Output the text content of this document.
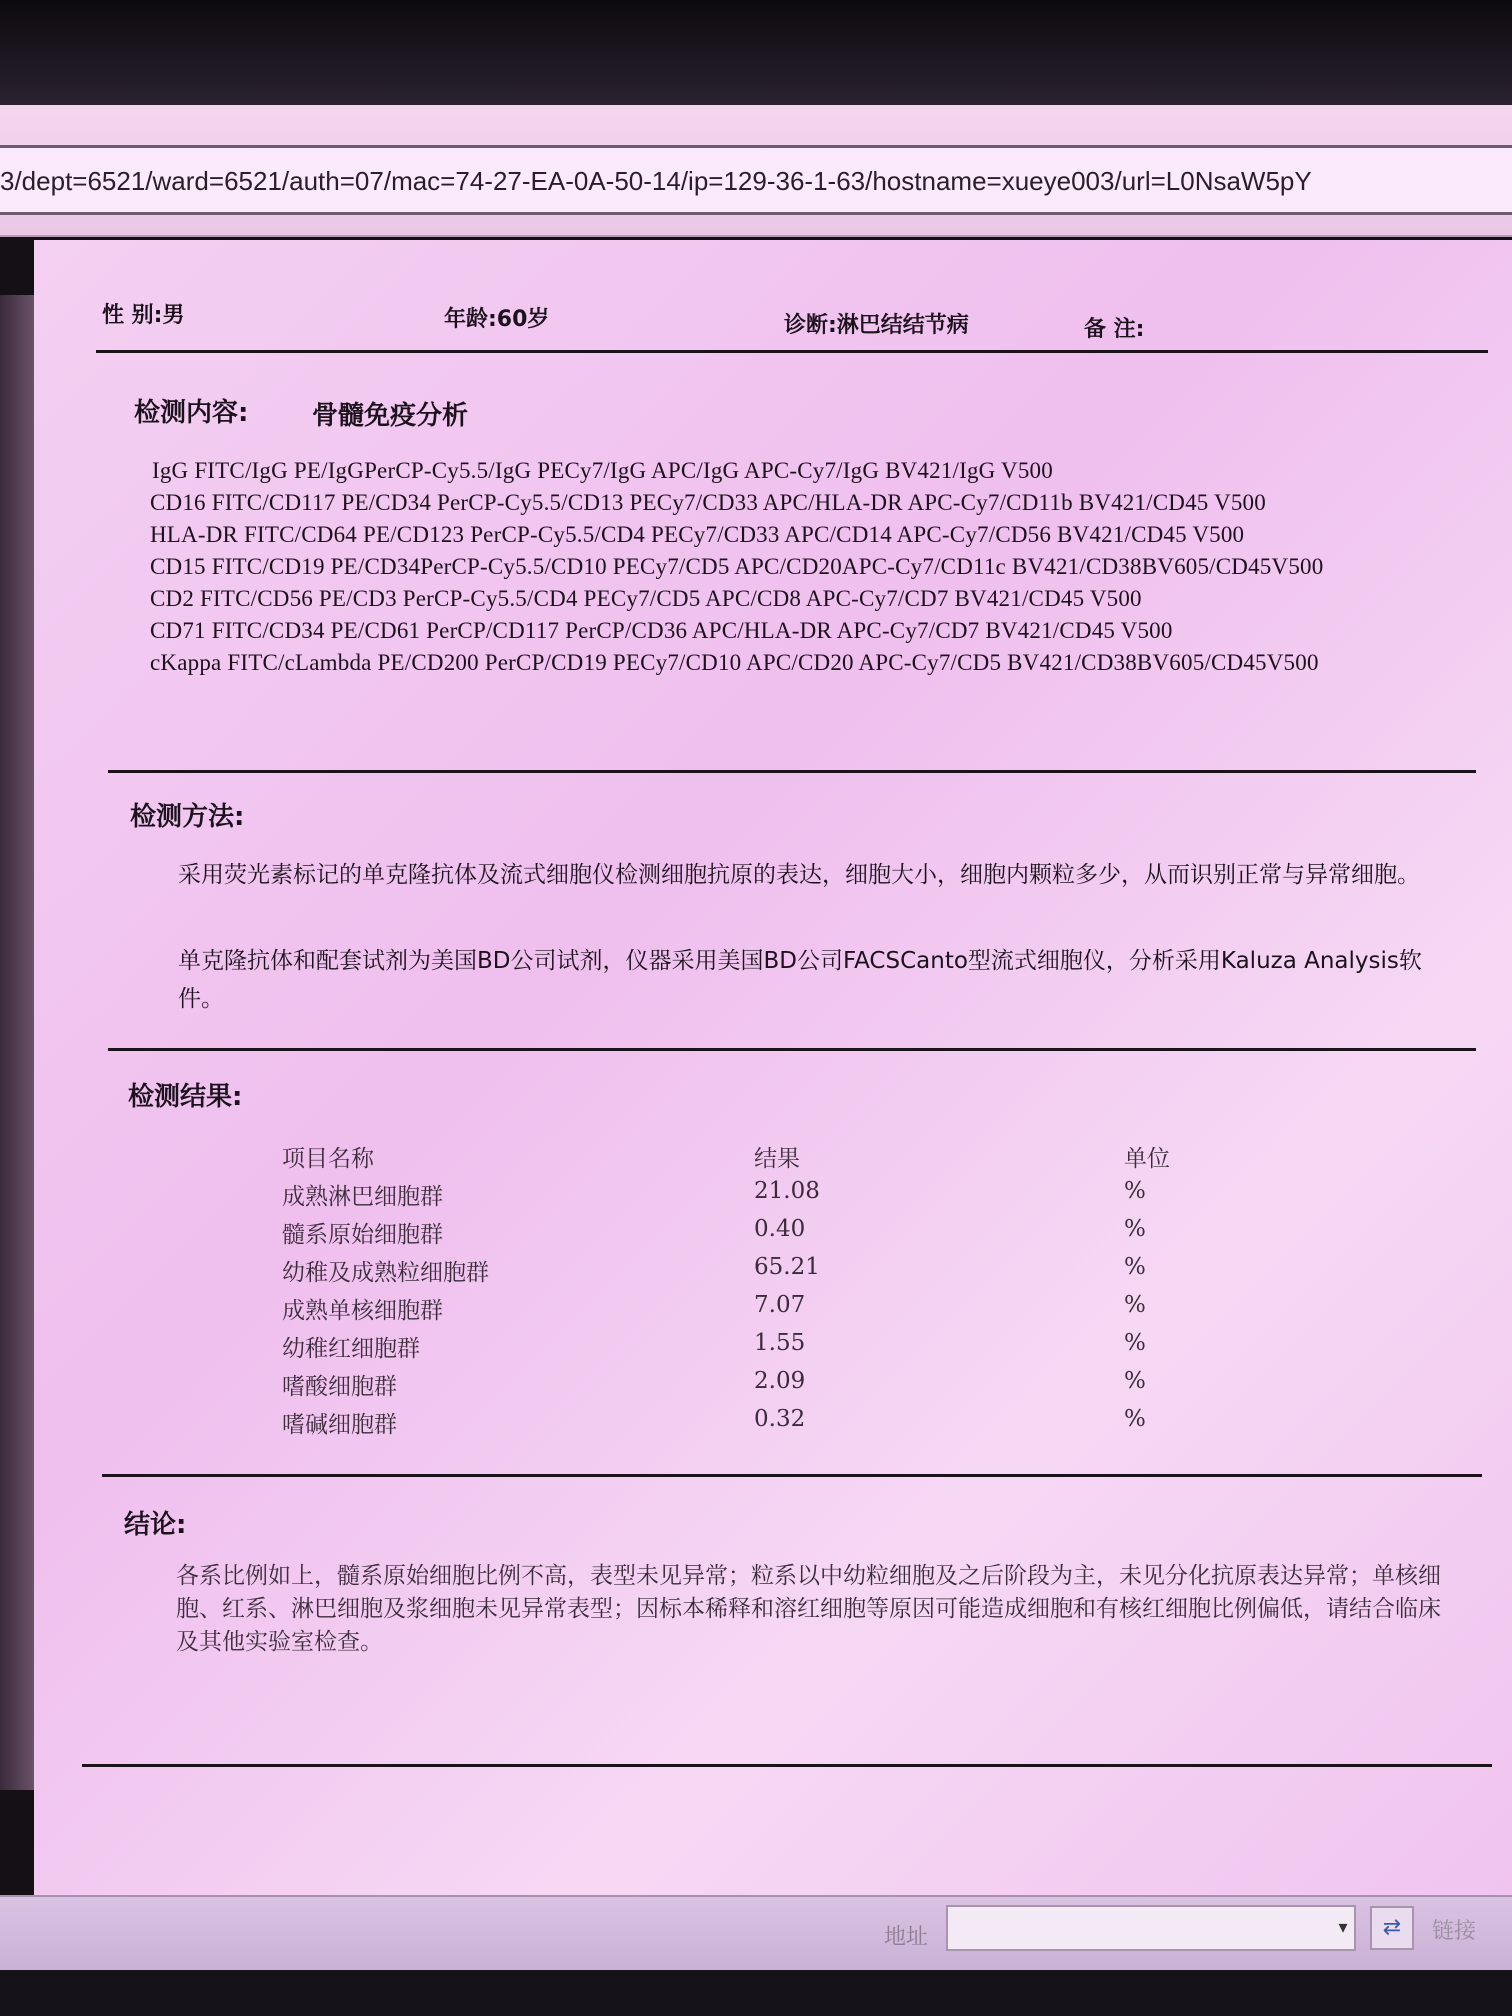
3/dept=6521/ward=6521/auth=07/mac=74-27-EA-0A-50-14/ip=129-36-1-63/hostname=xueye003/url=L0NsaW5pY
性 别:男	年龄:60岁	诊断:淋巴结结节病	备 注:
检测内容: 骨髓免疫分析
IgG FITC/IgG PE/IgGPerCP-Cy5.5/IgG PECy7/IgG APC/IgG APC-Cy7/IgG BV421/IgG V500
CD16 FITC/CD117 PE/CD34 PerCP-Cy5.5/CD13 PECy7/CD33 APC/HLA-DR APC-Cy7/CD11b BV421/CD45 V500
HLA-DR FITC/CD64 PE/CD123 PerCP-Cy5.5/CD4 PECy7/CD33 APC/CD14 APC-Cy7/CD56 BV421/CD45 V500
CD15 FITC/CD19 PE/CD34PerCP-Cy5.5/CD10 PECy7/CD5 APC/CD20APC-Cy7/CD11c BV421/CD38BV605/CD45V500
CD2 FITC/CD56 PE/CD3 PerCP-Cy5.5/CD4 PECy7/CD5 APC/CD8 APC-Cy7/CD7 BV421/CD45 V500
CD71 FITC/CD34 PE/CD61 PerCP/CD117 PerCP/CD36 APC/HLA-DR APC-Cy7/CD7 BV421/CD45 V500
cKappa FITC/cLambda PE/CD200 PerCP/CD19 PECy7/CD10 APC/CD20 APC-Cy7/CD5 BV421/CD38BV605/CD45V500
检测方法:
采用荧光素标记的单克隆抗体及流式细胞仪检测细胞抗原的表达，细胞大小，细胞内颗粒多少，从而识别正常与异常细胞。
单克隆抗体和配套试剂为美国BD公司试剂，仪器采用美国BD公司FACSCanto型流式细胞仪，分析采用Kaluza Analysis软件。
检测结果:
项目名称	结果	单位
成熟淋巴细胞群	21.08	%
髓系原始细胞群	0.40	%
幼稚及成熟粒细胞群	65.21	%
成熟单核细胞群	7.07	%
幼稚红细胞群	1.55	%
嗜酸细胞群	2.09	%
嗜碱细胞群	0.32	%
结论:
各系比例如上，髓系原始细胞比例不高，表型未见异常；粒系以中幼粒细胞及之后阶段为主，未见分化抗原表达异常；单核细胞、红系、淋巴细胞及浆细胞未见异常表型；因标本稀释和溶红细胞等原因可能造成细胞和有核红细胞比例偏低，请结合临床及其他实验室检查。
地址	▾	⇄	链接
